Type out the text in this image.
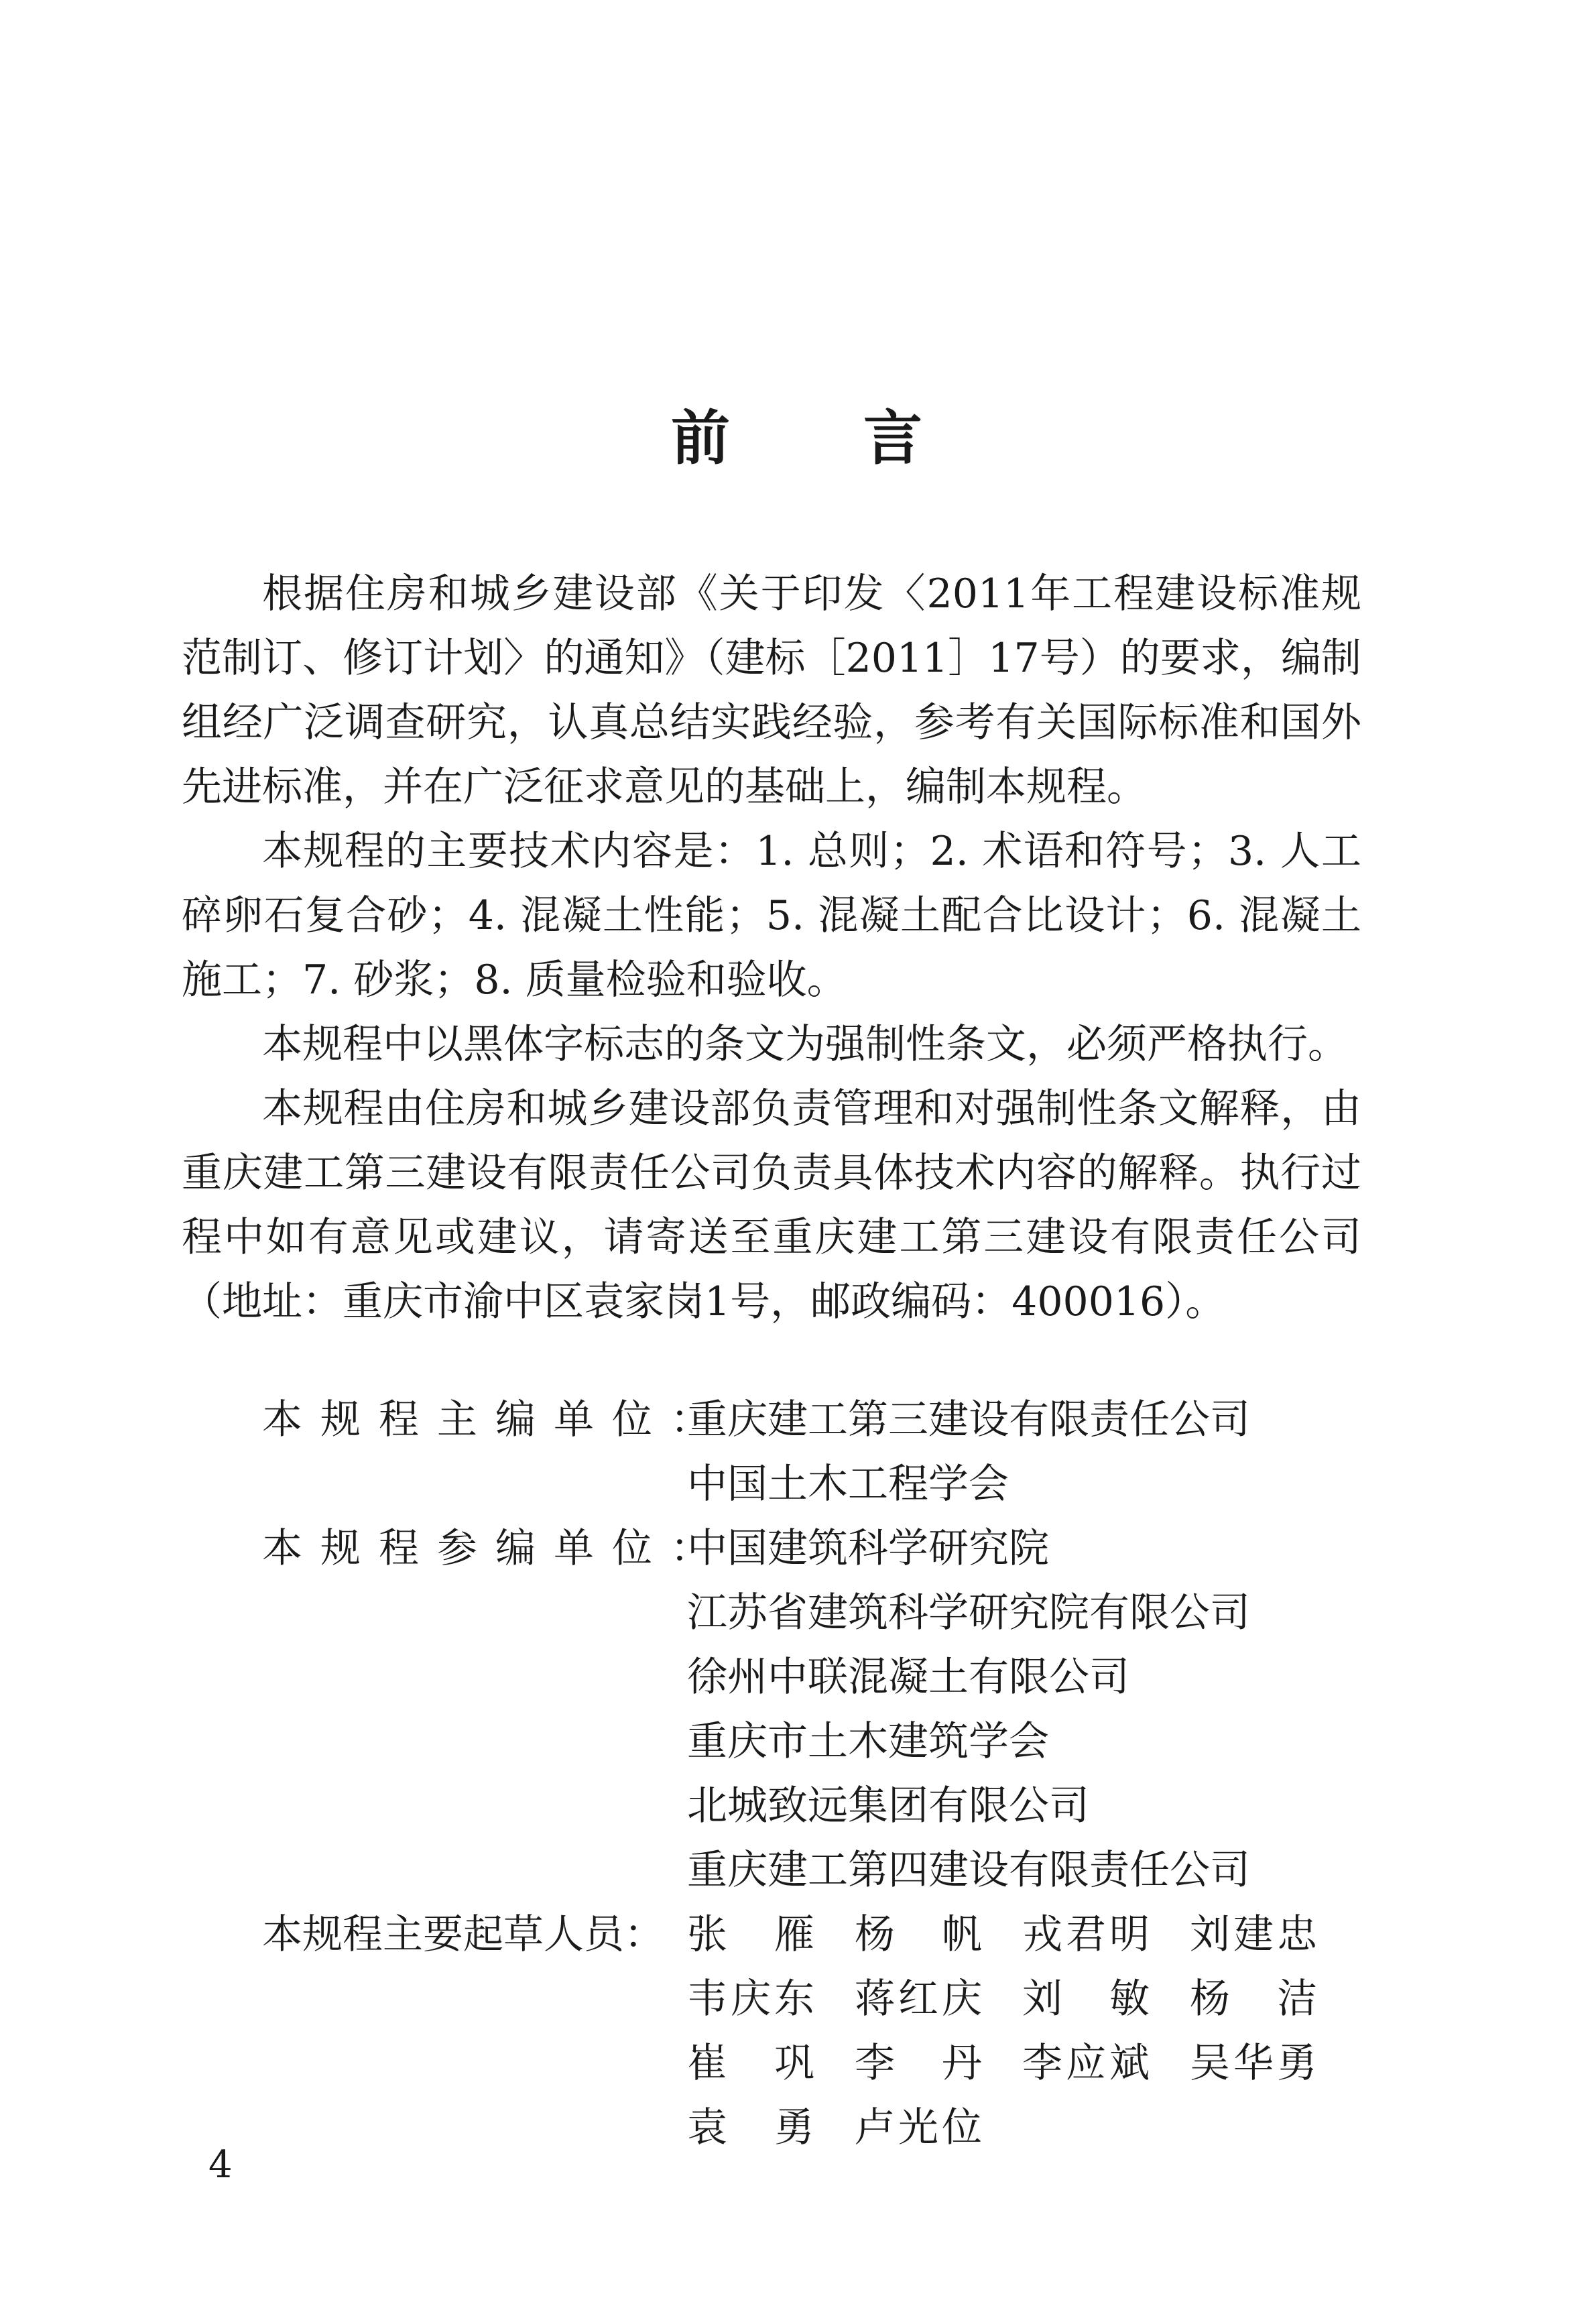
前 言

根据住房和城乡建设部《关于印发〈2011年工程建设标准规范制订、修订计划〉的通知》（建标［2011］17号）的要求，编制组经广泛调查研究，认真总结实践经验，参考有关国际标准和国外先进标准，并在广泛征求意见的基础上，编制本规程。

本规程的主要技术内容是：1. 总则；2. 术语和符号；3. 人工碎卵石复合砂；4. 混凝土性能；5. 混凝土配合比设计；6. 混凝土施工；7. 砂浆；8. 质量检验和验收。

本规程中以黑体字标志的条文为强制性条文，必须严格执行。

本规程由住房和城乡建设部负责管理和对强制性条文解释，由重庆建工第三建设有限责任公司负责具体技术内容的解释。执行过程中如有意见或建议，请寄送至重庆建工第三建设有限责任公司（地址：重庆市渝中区袁家岗1号，邮政编码：400016）。

本规程主编单位：
重庆建工第三建设有限责任公司
中国土木工程学会
本规程参编单位：
中国建筑科学研究院
江苏省建筑科学研究院有限公司
徐州中联混凝土有限公司
重庆市土木建筑学会
北城致远集团有限公司
重庆建工第四建设有限责任公司
本规程主要起草人员： 张　雁 杨　帆 戎君明 刘建忠
韦庆东 蒋红庆 刘　敏 杨　洁
崔　巩 李　丹 李应斌 吴华勇
袁　勇 卢光位
4
